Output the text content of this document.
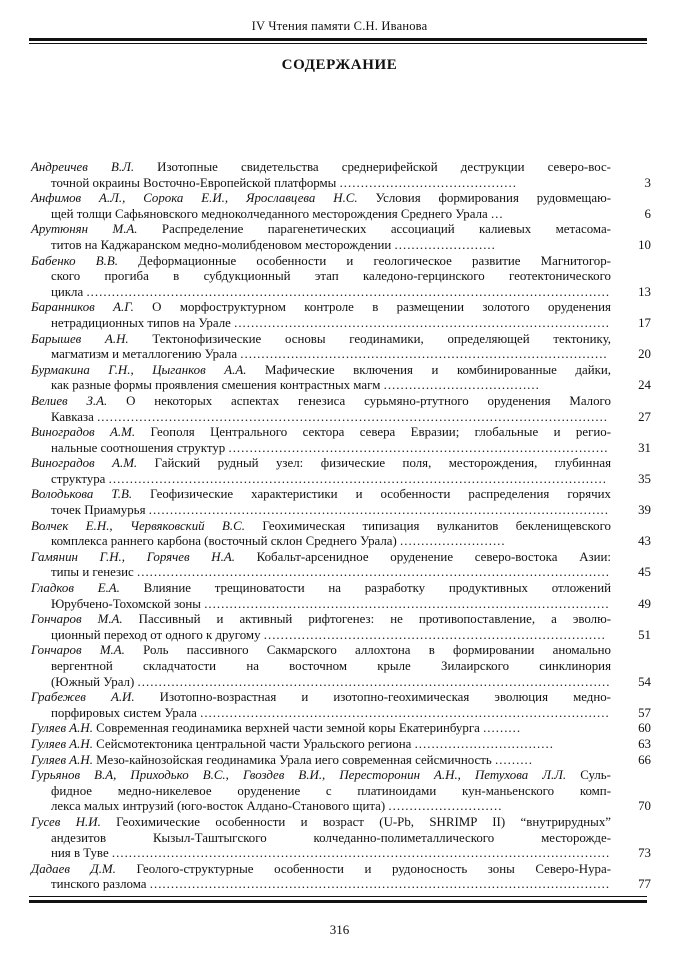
IV Чтения памяти С.Н. Иванова
СОДЕРЖАНИЕ
Андреичев В.Л. Изотопные свидетельства среднерифейской деструкции северо-вос-
точной окраины Восточно-Европейской платформы ..........................................	3
Анфимов А.Л., Сорока Е.И., Ярославцева Н.С. Условия формирования рудовмещаю-
щей толщи Сафьяновского медноколчеданного месторождения Среднего Урала ...	6
Арутюнян М.А. Распределение парагенетических ассоциаций калиевых метасома-
титов на Каджаранском медно-молибденовом месторождении ........................	10
Бабенко В.В. Деформационные особенности и геологическое развитие Магнитогор-
ского прогиба в субдукционный этап каледоно-герцинского геотектонического
цикла ............................................................................................................................	13
Баранников А.Г. О морфоструктурном контроле в размещении золотого оруденения
нетрадиционных типов на Урале .........................................................................................	17
Барышев А.Н. Тектонофизические основы геодинамики, определяющей тектонику,
магматизм и металлогению Урала .......................................................................................	20
Бурмакина Г.Н., Цыганков А.А. Мафические включения и комбинированные дайки,
как разные формы проявления смешения контрастных магм .....................................	24
Велиев З.А. О некоторых аспектах генезиса сурьмяно-ртутного оруденения Малого
Кавказа .........................................................................................................................	27
Виноградов А.М. Геополя Центрального сектора севера Евразии; глобальные и регио-
нальные соотношения структур ..........................................................................................	31
Виноградов А.М. Гайский рудный узел: физические поля, месторождения, глубинная
структура ......................................................................................................................	35
Володькова Т.В. Геофизические характеристики и особенности распределения горячих
точек Приамурья .............................................................................................................	39
Волчек Е.Н., Червяковский В.С. Геохимическая типизация вулканитов бекленищевского
комплекса раннего карбона (восточный склон Среднего Урала) .........................	43
Гамянин Г.Н., Горячев Н.А. Кобальт-арсенидное оруденение северо-востока Азии:
типы и генезис ................................................................................................................	45
Гладков Е.А. Влияние трещиноватости на разработку продуктивных отложений
Юрубчено-Тохомской зоны ................................................................................................	49
Гончаров М.А. Пассивный и активный рифтогенез: не противопоставление, а эволю-
ционный переход от одного к другому .................................................................................	51
Гончаров М.А. Роль пассивного Сакмарского аллохтона в формировании аномально
вергентной складчатости на восточном крыле Зилаирского синклинория
(Южный Урал) ................................................................................................................	54
Грабежев А.И. Изотопно-возрастная и изотопно-геохимическая эволюция медно-
порфировых систем Урала .................................................................................................	57
Гуляев А.Н. Современная геодинамика верхней части земной коры Екатеринбурга .........	60
Гуляев А.Н. Сейсмотектоника центральной части Уральского региона .................................	63
Гуляев А.Н. Мезо-кайнозойская геодинамика Урала иего современная сейсмичность .........	66
Гурьянов В.А, Приходько В.С., Гвоздев В.И., Пересторонин А.Н., Петухова Л.Л. Суль-
фидное медно-никелевое оруденение с платиноидами кун-маньенского комп-
лекса малых интрузий (юго-восток Алдано-Станового щита) ...........................	70
Гусев Н.И. Геохимические особенности и возраст (U-Pb, SHRIMP II) “внутрирудных”
андезитов Кызыл-Таштыгского колчеданно-полиметаллического месторожде-
ния в Туве ......................................................................................................................	73
Дадаев Д.М. Геолого-структурные особенности и рудоносность зоны Северо-Нура-
тинского разлома .............................................................................................................	77
316
